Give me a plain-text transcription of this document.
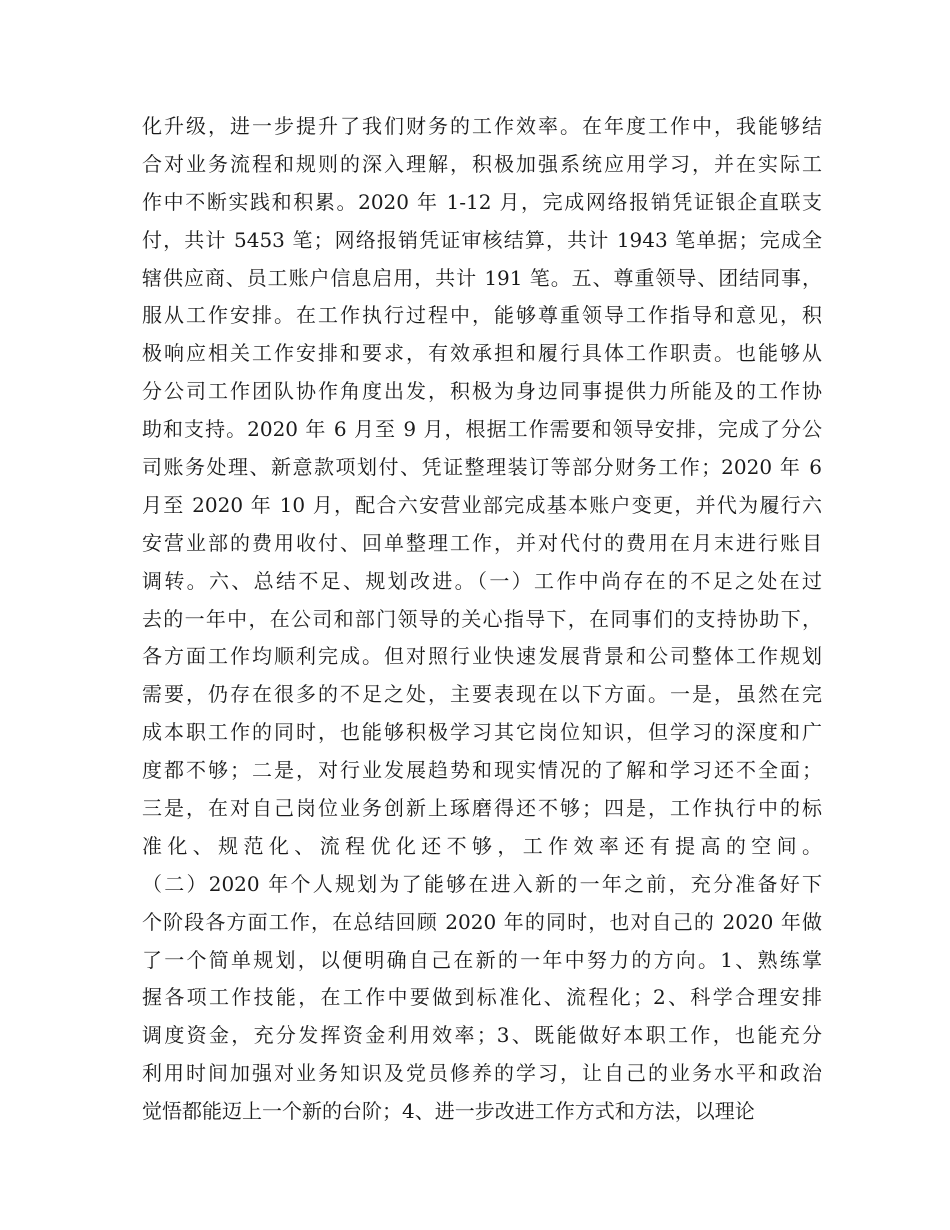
化升级，进一步提升了我们财务的工作效率。在年度工作中，我能够结
合对业务流程和规则的深入理解，积极加强系统应用学习，并在实际工
作中不断实践和积累。2020 年 1-12 月，完成网络报销凭证银企直联支
付，共计 5453 笔；网络报销凭证审核结算，共计 1943 笔单据；完成全
辖供应商、员工账户信息启用，共计 191 笔。五、尊重领导、团结同事，
服从工作安排。在工作执行过程中，能够尊重领导工作指导和意见，积
极响应相关工作安排和要求，有效承担和履行具体工作职责。也能够从
分公司工作团队协作角度出发，积极为身边同事提供力所能及的工作协
助和支持。2020 年 6 月至 9 月，根据工作需要和领导安排，完成了分公
司账务处理、新意款项划付、凭证整理装订等部分财务工作；2020 年 6
月至 2020 年 10 月，配合六安营业部完成基本账户变更，并代为履行六
安营业部的费用收付、回单整理工作，并对代付的费用在月末进行账目
调转。六、总结不足、规划改进。（一）工作中尚存在的不足之处在过
去的一年中，在公司和部门领导的关心指导下，在同事们的支持协助下，
各方面工作均顺利完成。但对照行业快速发展背景和公司整体工作规划
需要，仍存在很多的不足之处，主要表现在以下方面。一是，虽然在完
成本职工作的同时，也能够积极学习其它岗位知识，但学习的深度和广
度都不够；二是，对行业发展趋势和现实情况的了解和学习还不全面；
三是，在对自己岗位业务创新上琢磨得还不够；四是，工作执行中的标
准化、规范化、流程优化还不够，工作效率还有提高的空间。
（二）2020 年个人规划为了能够在进入新的一年之前，充分准备好下
个阶段各方面工作，在总结回顾 2020 年的同时，也对自己的 2020 年做
了一个简单规划，以便明确自己在新的一年中努力的方向。1、熟练掌
握各项工作技能，在工作中要做到标准化、流程化；2、科学合理安排
调度资金，充分发挥资金利用效率；3、既能做好本职工作，也能充分
利用时间加强对业务知识及党员修养的学习，让自己的业务水平和政治
觉悟都能迈上一个新的台阶；4、进一步改进工作方式和方法，以理论
